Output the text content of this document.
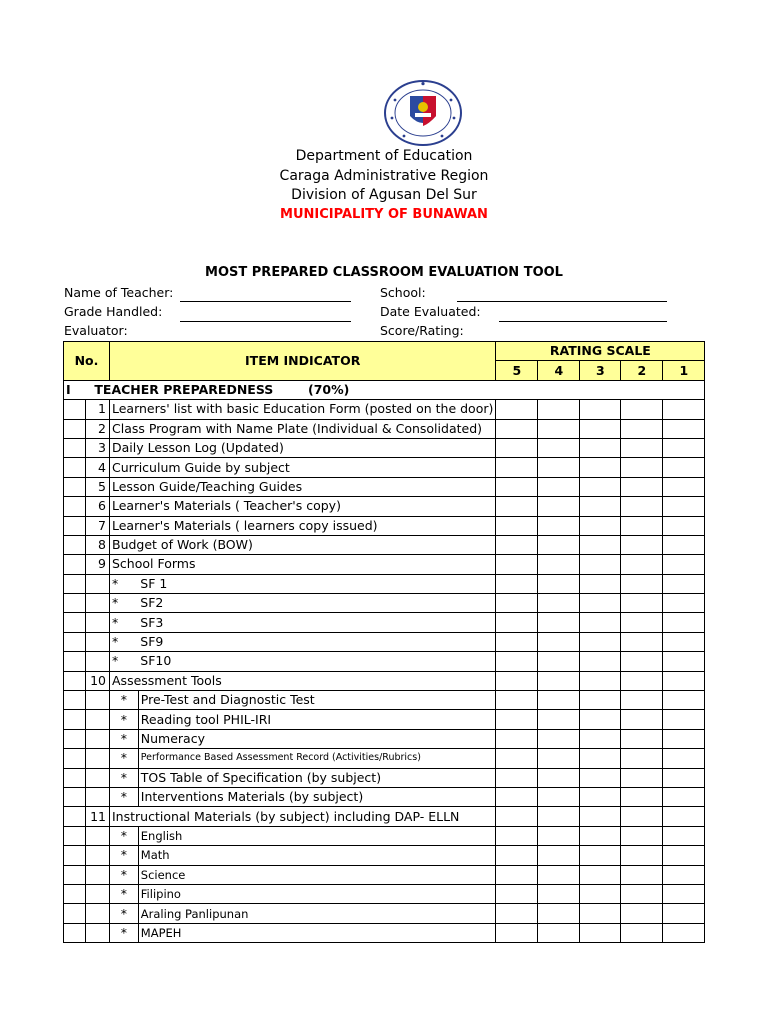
Department of Education
Caraga Administrative Region
Division of Agusan Del Sur
MUNICIPALITY OF BUNAWAN
MOST PREPARED CLASSROOM EVALUATION TOOL
Name of Teacher:	School:
Grade Handled:	Date Evaluated:
Evaluator:	Score/Rating:
No.		ITEM INDICATOR		RATING SCALE				
				5	4	3	2	1
I TEACHER PREPAREDNESS (70%)								
	1	Learners' list with basic Education Form (posted on the door)						
	2	Class Program with Name Plate (Individual & Consolidated)						
	3	Daily Lesson Log (Updated)						
	4	Curriculum Guide by subject						
	5	Lesson Guide/Teaching Guides						
	6	Learner's Materials ( Teacher's copy)						
	7	Learner's Materials ( learners copy issued)						
	8	Budget of Work (BOW)						
	9	School Forms						
		*	SF 1					
		*	SF2					
		*	SF3					
		*	SF9					
		*	SF10					
	10	Assessment Tools						
		*	Pre-Test and Diagnostic Test					
		*	Reading tool PHIL-IRI					
		*	Numeracy					
		*	Performance Based Assessment Record (Activities/Rubrics)					
		*	TOS Table of Specification (by subject)					
		*	Interventions Materials (by subject)					
	11	Instructional Materials (by subject) including DAP- ELLN						
		*	English					
		*	Math					
		*	Science					
		*	Filipino					
		*	Araling Panlipunan					
		*	MAPEH					
